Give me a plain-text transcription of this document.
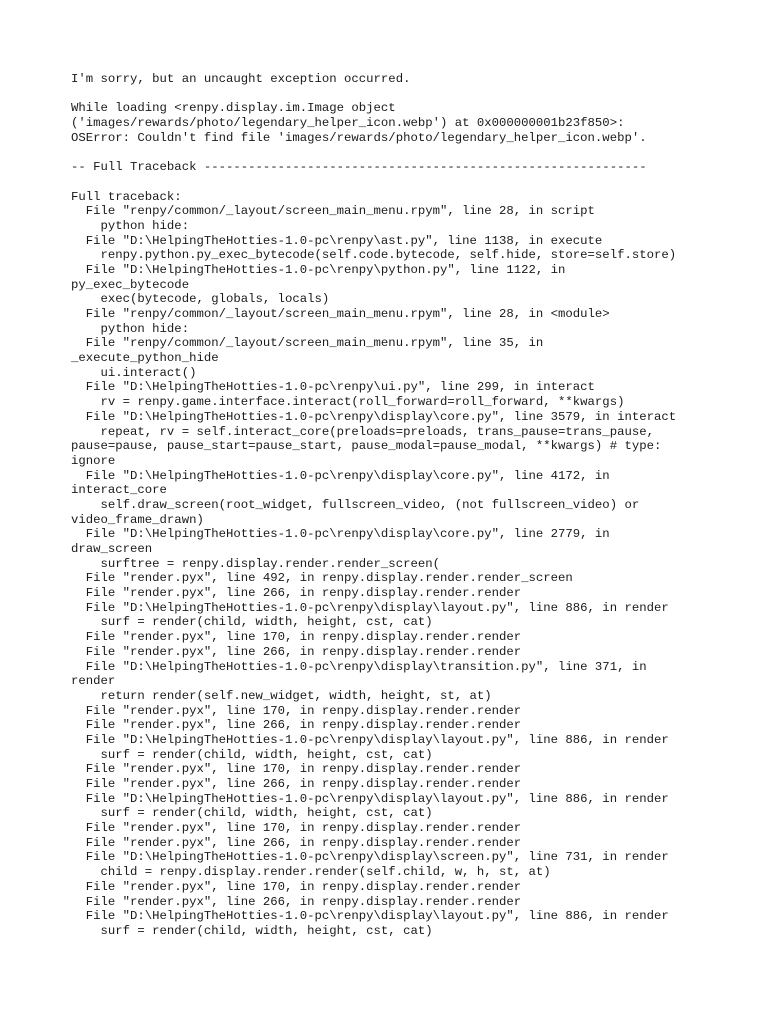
I'm sorry, but an uncaught exception occurred.
While loading <renpy.display.im.Image object
('images/rewards/photo/legendary_helper_icon.webp') at 0x000000001b23f850>:
OSError: Couldn't find file 'images/rewards/photo/legendary_helper_icon.webp'.
-- Full Traceback ------------------------------------------------------------
Full traceback:
File "renpy/common/_layout/screen_main_menu.rpym", line 28, in script
python hide:
File "D:\HelpingTheHotties-1.0-pc\renpy\ast.py", line 1138, in execute
renpy.python.py_exec_bytecode(self.code.bytecode, self.hide, store=self.store)
File "D:\HelpingTheHotties-1.0-pc\renpy\python.py", line 1122, in
py_exec_bytecode
exec(bytecode, globals, locals)
File "renpy/common/_layout/screen_main_menu.rpym", line 28, in <module>
python hide:
File "renpy/common/_layout/screen_main_menu.rpym", line 35, in
_execute_python_hide
ui.interact()
File "D:\HelpingTheHotties-1.0-pc\renpy\ui.py", line 299, in interact
rv = renpy.game.interface.interact(roll_forward=roll_forward, **kwargs)
File "D:\HelpingTheHotties-1.0-pc\renpy\display\core.py", line 3579, in interact
repeat, rv = self.interact_core(preloads=preloads, trans_pause=trans_pause,
pause=pause, pause_start=pause_start, pause_modal=pause_modal, **kwargs) # type:
ignore
File "D:\HelpingTheHotties-1.0-pc\renpy\display\core.py", line 4172, in
interact_core
self.draw_screen(root_widget, fullscreen_video, (not fullscreen_video) or
video_frame_drawn)
File "D:\HelpingTheHotties-1.0-pc\renpy\display\core.py", line 2779, in
draw_screen
surftree = renpy.display.render.render_screen(
File "render.pyx", line 492, in renpy.display.render.render_screen
File "render.pyx", line 266, in renpy.display.render.render
File "D:\HelpingTheHotties-1.0-pc\renpy\display\layout.py", line 886, in render
surf = render(child, width, height, cst, cat)
File "render.pyx", line 170, in renpy.display.render.render
File "render.pyx", line 266, in renpy.display.render.render
File "D:\HelpingTheHotties-1.0-pc\renpy\display\transition.py", line 371, in
render
return render(self.new_widget, width, height, st, at)
File "render.pyx", line 170, in renpy.display.render.render
File "render.pyx", line 266, in renpy.display.render.render
File "D:\HelpingTheHotties-1.0-pc\renpy\display\layout.py", line 886, in render
surf = render(child, width, height, cst, cat)
File "render.pyx", line 170, in renpy.display.render.render
File "render.pyx", line 266, in renpy.display.render.render
File "D:\HelpingTheHotties-1.0-pc\renpy\display\layout.py", line 886, in render
surf = render(child, width, height, cst, cat)
File "render.pyx", line 170, in renpy.display.render.render
File "render.pyx", line 266, in renpy.display.render.render
File "D:\HelpingTheHotties-1.0-pc\renpy\display\screen.py", line 731, in render
child = renpy.display.render.render(self.child, w, h, st, at)
File "render.pyx", line 170, in renpy.display.render.render
File "render.pyx", line 266, in renpy.display.render.render
File "D:\HelpingTheHotties-1.0-pc\renpy\display\layout.py", line 886, in render
surf = render(child, width, height, cst, cat)
